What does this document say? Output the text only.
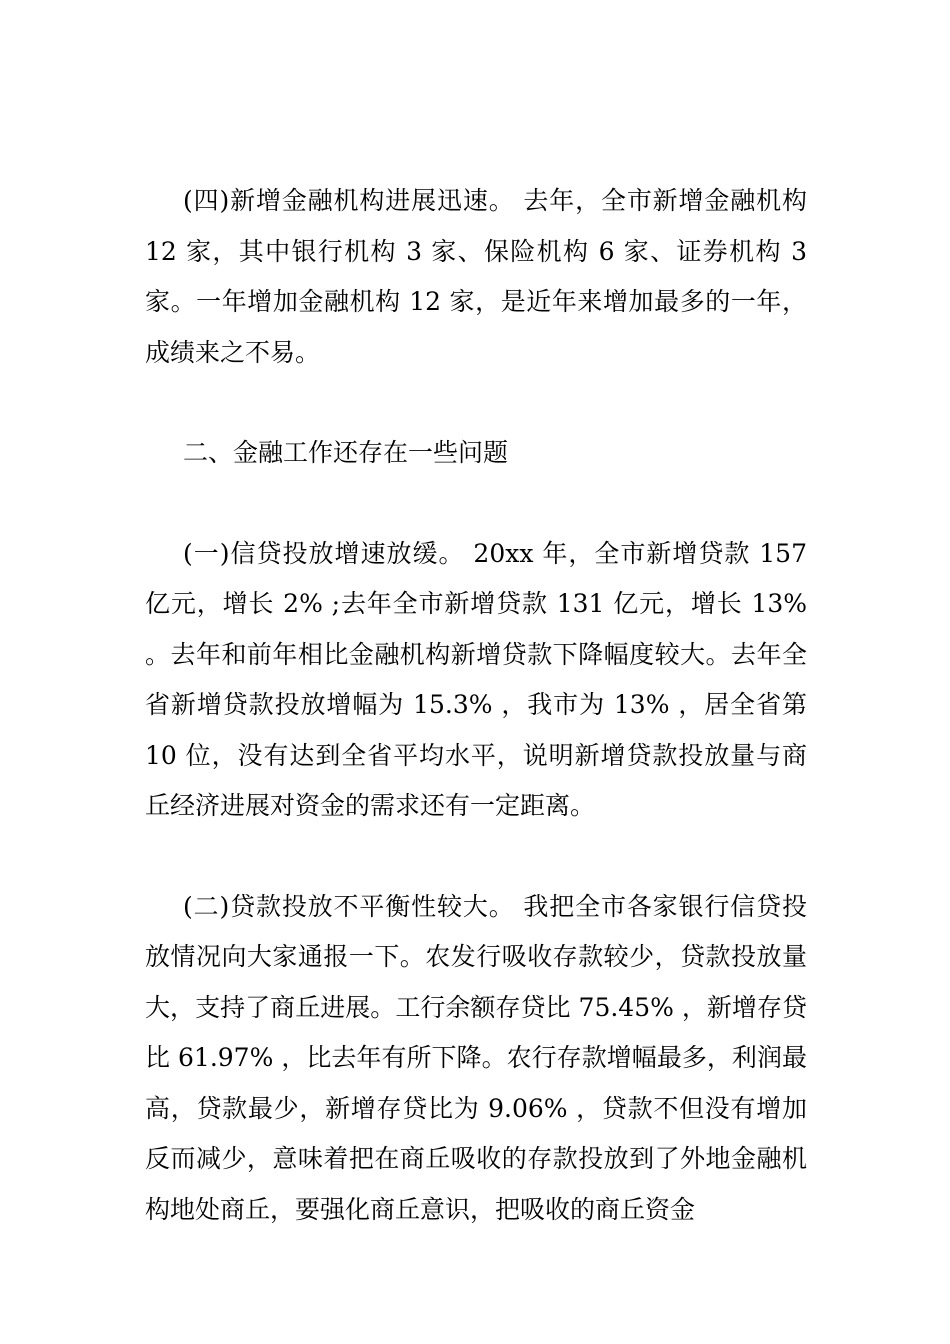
(四)新增金融机构进展迅速。 去年，全市新增金融机构 12 家，其中银行机构 3 家、保险机构 6 家、证券机构 3 家。一年增加金融机构 12 家，是近年来增加最多的一年，成绩来之不易。

二、金融工作还存在一些问题

(一)信贷投放增速放缓。 20xx 年，全市新增贷款 157 亿元，增长 2% ;去年全市新增贷款 131 亿元，增长 13% 。去年和前年相比金融机构新增贷款下降幅度较大。去年全省新增贷款投放增幅为 15.3% ，我市为 13% ，居全省第 10 位，没有达到全省平均水平，说明新增贷款投放量与商丘经济进展对资金的需求还有一定距离。

(二)贷款投放不平衡性较大。 我把全市各家银行信贷投放情况向大家通报一下。农发行吸收存款较少，贷款投放量大，支持了商丘进展。工行余额存贷比 75.45% ，新增存贷比 61.97% ，比去年有所下降。农行存款增幅最多，利润最高，贷款最少，新增存贷比为 9.06% ，贷款不但没有增加反而减少，意味着把在商丘吸收的存款投放到了外地金融机构地处商丘，要强化商丘意识，把吸收的商丘资金
